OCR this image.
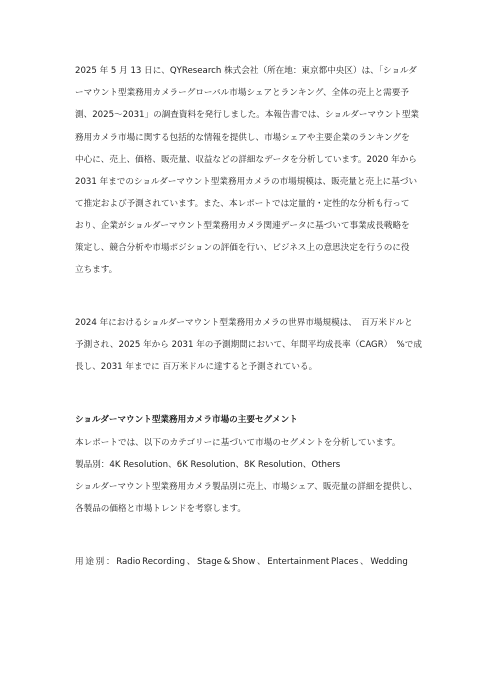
2025 年 5 月 13 日に、QYResearch 株式会社（所在地：東京都中央区）は、「ショルダ
ーマウント型業務用カメラーグローバル市場シェアとランキング、全体の売上と需要予
測、2025〜2031」の調査資料を発行しました。本報告書では、ショルダーマウント型業
務用カメラ市場に関する包括的な情報を提供し、市場シェアや主要企業のランキングを
中心に、売上、価格、販売量、収益などの詳細なデータを分析しています。2020 年から
2031 年までのショルダーマウント型業務用カメラの市場規模は、販売量と売上に基づい
て推定および予測されています。また、本レポートでは定量的・定性的な分析も行って
おり、企業がショルダーマウント型業務用カメラ関連データに基づいて事業成長戦略を
策定し、競合分析や市場ポジションの評価を行い、ビジネス上の意思決定を行うのに役
立ちます。
2024 年におけるショルダーマウント型業務用カメラの世界市場規模は、　百万米ドルと
予測され、2025 年から 2031 年の予測期間において、年間平均成長率（CAGR）　%で成
長し、2031 年までに 百万米ドルに達すると予測されている。
ショルダーマウント型業務用カメラ市場の主要セグメント
本レポートでは、以下のカテゴリーに基づいて市場のセグメントを分析しています。
製品別：4K Resolution、6K Resolution、8K Resolution、Others
ショルダーマウント型業務用カメラ製品別に売上、市場シェア、販売量の詳細を提供し、
各製品の価格と市場トレンドを考察します。
用 途 別 ： Radio Recording 、 Stage & Show 、 Entertainment Places 、 Wedding
